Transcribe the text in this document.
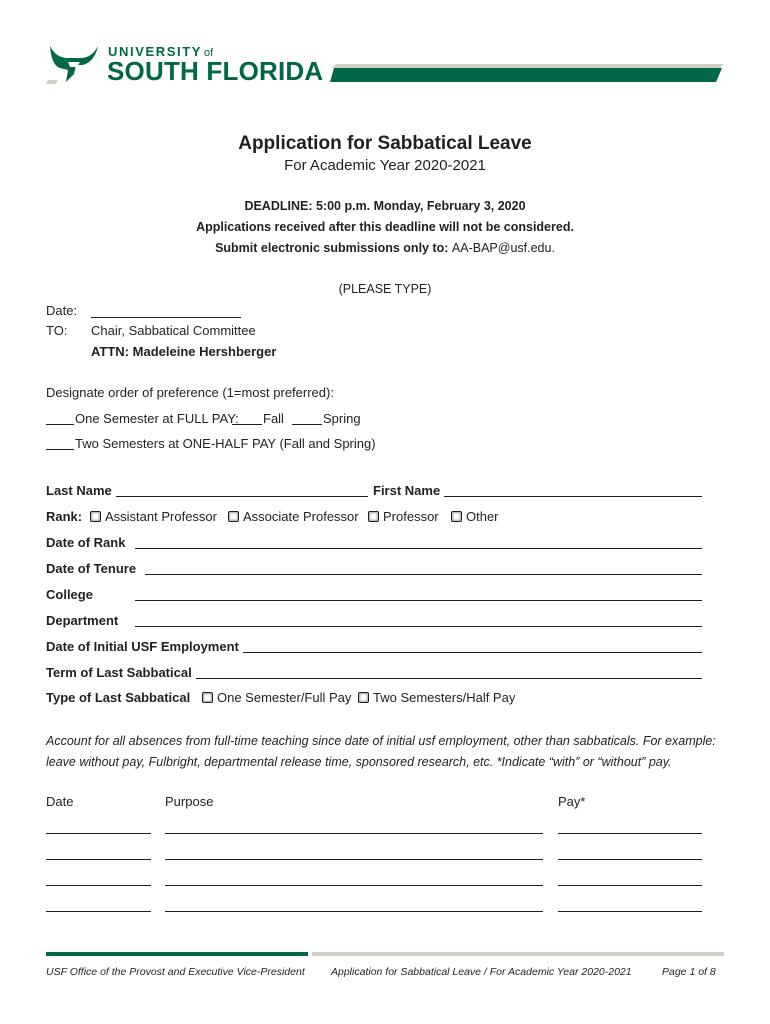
UNIVERSITY of
SOUTH FLORIDA
Application for Sabbatical Leave
For Academic Year 2020-2021
DEADLINE: 5:00 p.m. Monday, February 3, 2020
Applications received after this deadline will not be considered.
Submit electronic submissions only to: AA-BAP@usf.edu.
(PLEASE TYPE)
Date:
TO: Chair, Sabbatical Committee
ATTN: Madeleine Hershberger
Designate order of preference (1=most preferred):
One Semester at FULL PAY: Fall	Spring
Two Semesters at ONE-HALF PAY (Fall and Spring)
Last Name	First Name
Rank:	Assistant Professor	Associate Professor	Professor	Other
Date of Rank
Date of Tenure
College
Department
Date of Initial USF Employment
Term of Last Sabbatical
Type of Last Sabbatical	One Semester/Full Pay	Two Semesters/Half Pay
Account for all absences from full-time teaching since date of initial usf employment, other than sabbaticals. For example: leave without pay, Fulbright, departmental release time, sponsored research, etc. *Indicate “with” or “without” pay.
Date	Purpose	Pay*
USF Office of the Provost and Executive Vice-President	Application for Sabbatical Leave / For Academic Year 2020-2021	Page 1 of 8
